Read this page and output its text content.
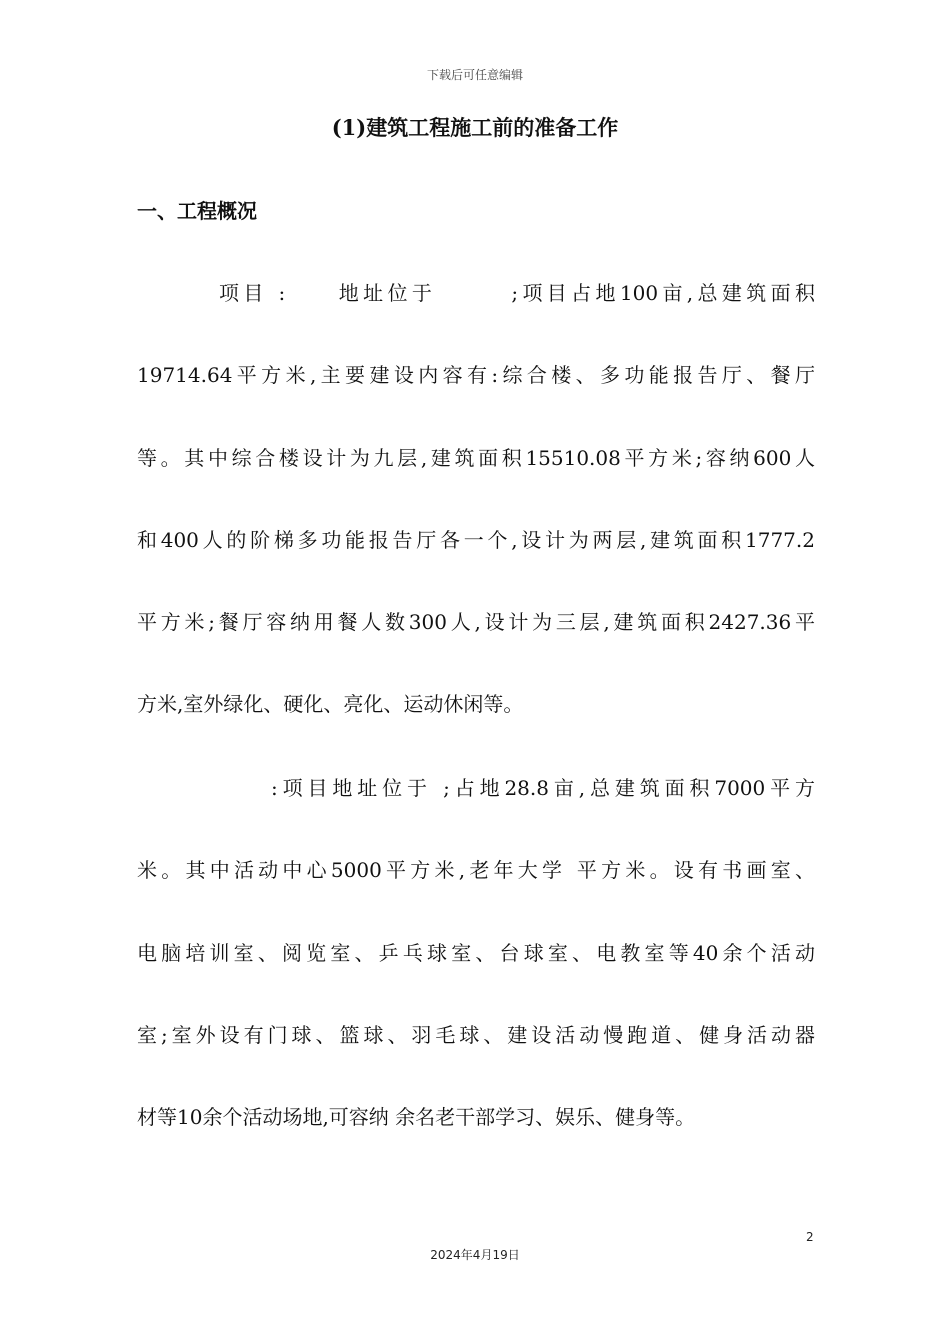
下载后可任意编辑
(1)建筑工程施工前的准备工作
一、工程概况
项目 :     地址位于       ;项目占地100亩,总建筑面积
19714.64平方米,主要建设内容有:综合楼、多功能报告厅、餐厅
等。其中综合楼设计为九层,建筑面积15510.08平方米;容纳600人
和400人的阶梯多功能报告厅各一个,设计为两层,建筑面积1777.2
平方米;餐厅容纳用餐人数300人,设计为三层,建筑面积2427.36平
方米,室外绿化、硬化、亮化、运动休闲等。
:项目地址位于 ;占地28.8亩,总建筑面积7000平方
米。其中活动中心5000平方米,老年大学 平方米。设有书画室、
电脑培训室、阅览室、乒乓球室、台球室、电教室等40余个活动
室;室外设有门球、篮球、羽毛球、建设活动慢跑道、健身活动器
材等10余个活动场地,可容纳 余名老干部学习、娱乐、健身等。
2
2024年4月19日
